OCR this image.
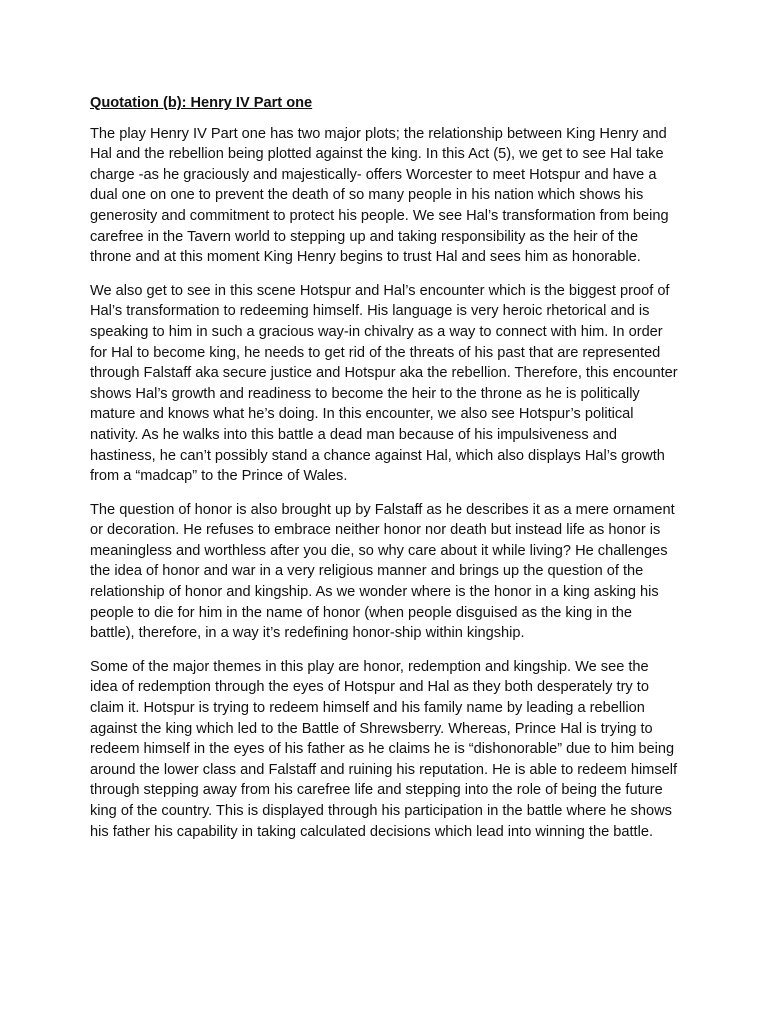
Quotation (b): Henry IV Part one

The play Henry IV Part one has two major plots; the relationship between King Henry and Hal and the rebellion being plotted against the king. In this Act (5), we get to see Hal take charge -as he graciously and majestically- offers Worcester to meet Hotspur and have a dual one on one to prevent the death of so many people in his nation which shows his generosity and commitment to protect his people. We see Hal’s transformation from being carefree in the Tavern world to stepping up and taking responsibility as the heir of the throne and at this moment King Henry begins to trust Hal and sees him as honorable.

We also get to see in this scene Hotspur and Hal’s encounter which is the biggest proof of Hal’s transformation to redeeming himself. His language is very heroic rhetorical and is speaking to him in such a gracious way-in chivalry as a way to connect with him. In order for Hal to become king, he needs to get rid of the threats of his past that are represented through Falstaff aka secure justice and Hotspur aka the rebellion. Therefore, this encounter shows Hal’s growth and readiness to become the heir to the throne as he is politically mature and knows what he’s doing. In this encounter, we also see Hotspur’s political nativity. As he walks into this battle a dead man because of his impulsiveness and hastiness, he can’t possibly stand a chance against Hal, which also displays Hal’s growth from a “madcap” to the Prince of Wales.

The question of honor is also brought up by Falstaff as he describes it as a mere ornament or decoration. He refuses to embrace neither honor nor death but instead life as honor is meaningless and worthless after you die, so why care about it while living? He challenges the idea of honor and war in a very religious manner and brings up the question of the relationship of honor and kingship. As we wonder where is the honor in a king asking his people to die for him in the name of honor (when people disguised as the king in the battle), therefore, in a way it’s redefining honor-ship within kingship.

Some of the major themes in this play are honor, redemption and kingship. We see the idea of redemption through the eyes of Hotspur and Hal as they both desperately try to claim it. Hotspur is trying to redeem himself and his family name by leading a rebellion against the king which led to the Battle of Shrewsberry. Whereas, Prince Hal is trying to redeem himself in the eyes of his father as he claims he is “dishonorable” due to him being around the lower class and Falstaff and ruining his reputation. He is able to redeem himself through stepping away from his carefree life and stepping into the role of being the future king of the country. This is displayed through his participation in the battle where he shows his father his capability in taking calculated decisions which lead into winning the battle.
